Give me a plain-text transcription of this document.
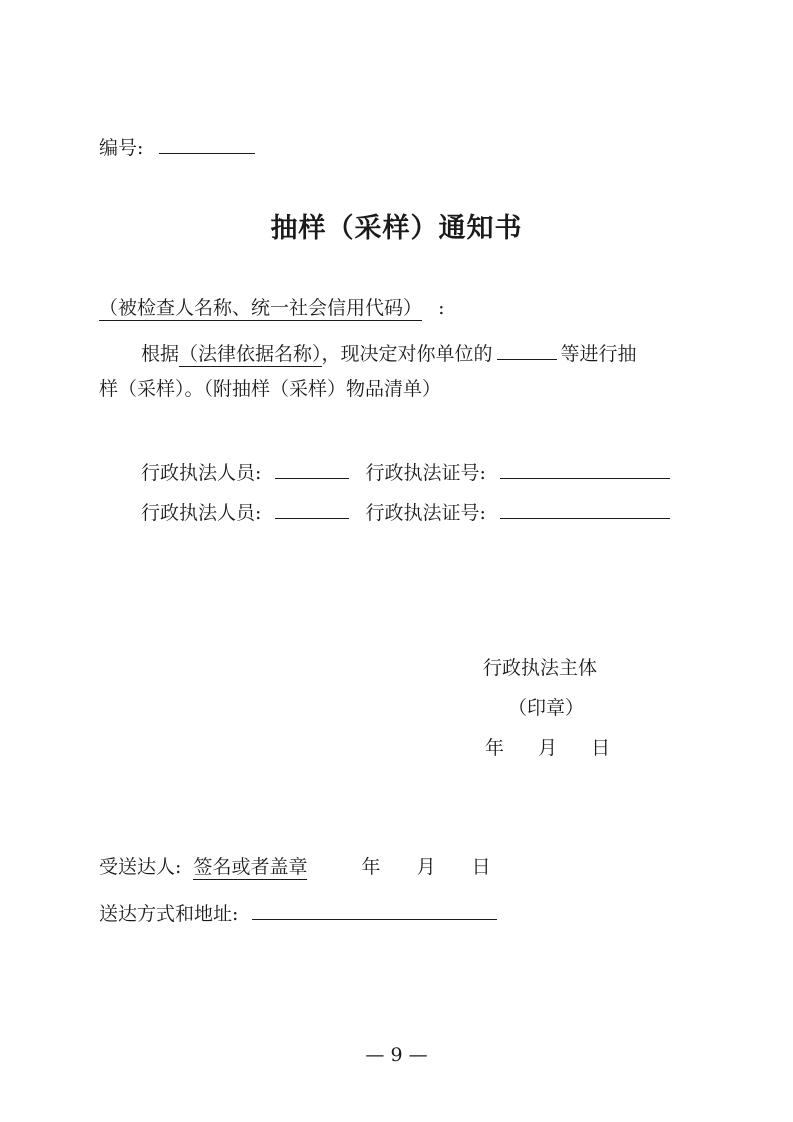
编号:
抽样（采样）通知书
（被检查人名称、统一社会信用代码） :
根据（法律依据名称），现决定对你单位的	等进行抽
样（采样）。（附抽样（采样）物品清单）
行政执法人员:	行政执法证号:
行政执法人员:	行政执法证号:
行政执法主体
（印章）
年 月 日
受送达人: 签名或者盖章	年 月 日
送达方式和地址:
— 9 —
